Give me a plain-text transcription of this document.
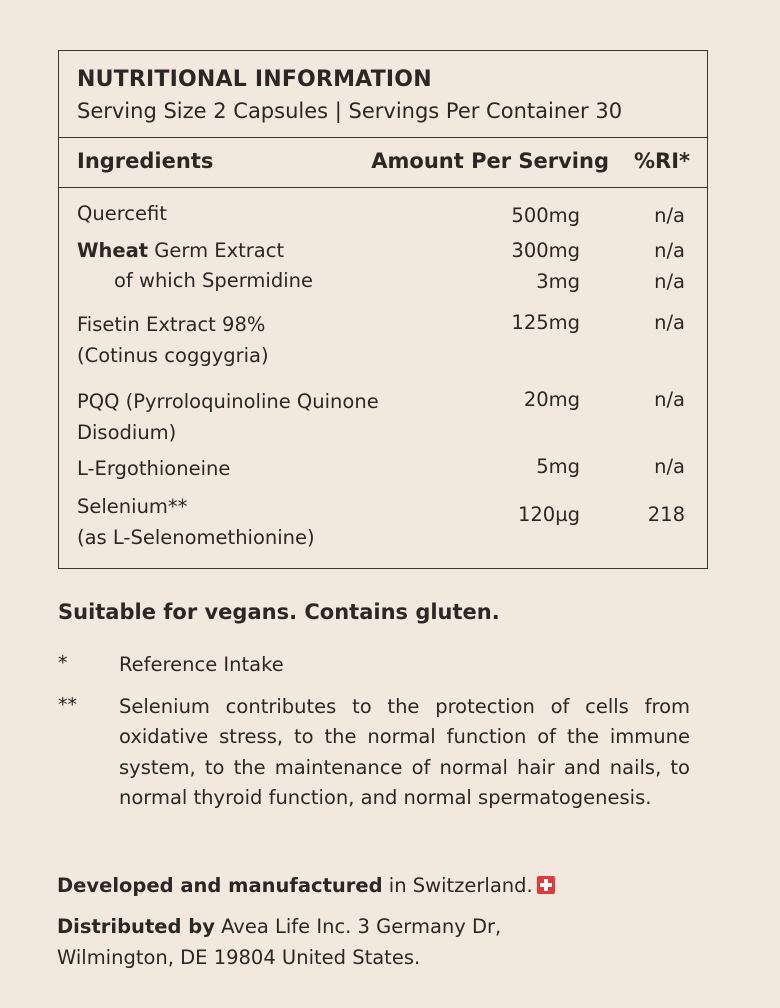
NUTRITIONAL INFORMATION
Serving Size 2 Capsules | Servings Per Container 30
Ingredients	Amount Per Serving %RI*
Quercefit	500mg	n/a
Wheat Germ Extract	300mg	n/a
of which Spermidine	3mg	n/a
Fisetin Extract 98%
(Cotinus coggygria)
125mg	n/a
PQQ (Pyrroloquinoline Quinone
Disodium)
20mg	n/a
L-Ergothioneine	5mg	n/a
Selenium**
(as L-Selenomethionine)
120µg	218
Suitable for vegans. Contains gluten.
*	Reference Intake
** Selenium contributes to the protection of cells from oxidative stress, to the normal function of the immune system, to the maintenance of normal hair and nails, to normal thyroid function, and normal spermatogenesis.
Developed and manufactured in Switzerland.
Distributed by Avea Life Inc. 3 Germany Dr,
Wilmington, DE 19804 United States.
